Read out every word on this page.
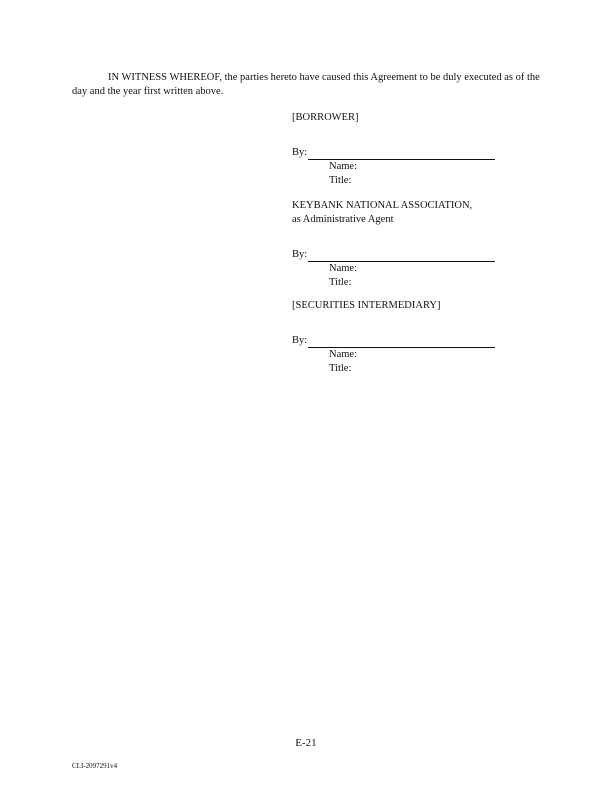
IN WITNESS WHEREOF, the parties hereto have caused this Agreement to be duly executed as of the day and the year first written above.

[BORROWER]
By:
Name:
Title:
KEYBANK NATIONAL ASSOCIATION,
as Administrative Agent
By:
Name:
Title:
[SECURITIES INTERMEDIARY]
By:
Name:
Title:
E-21
CLI-2097291v4
